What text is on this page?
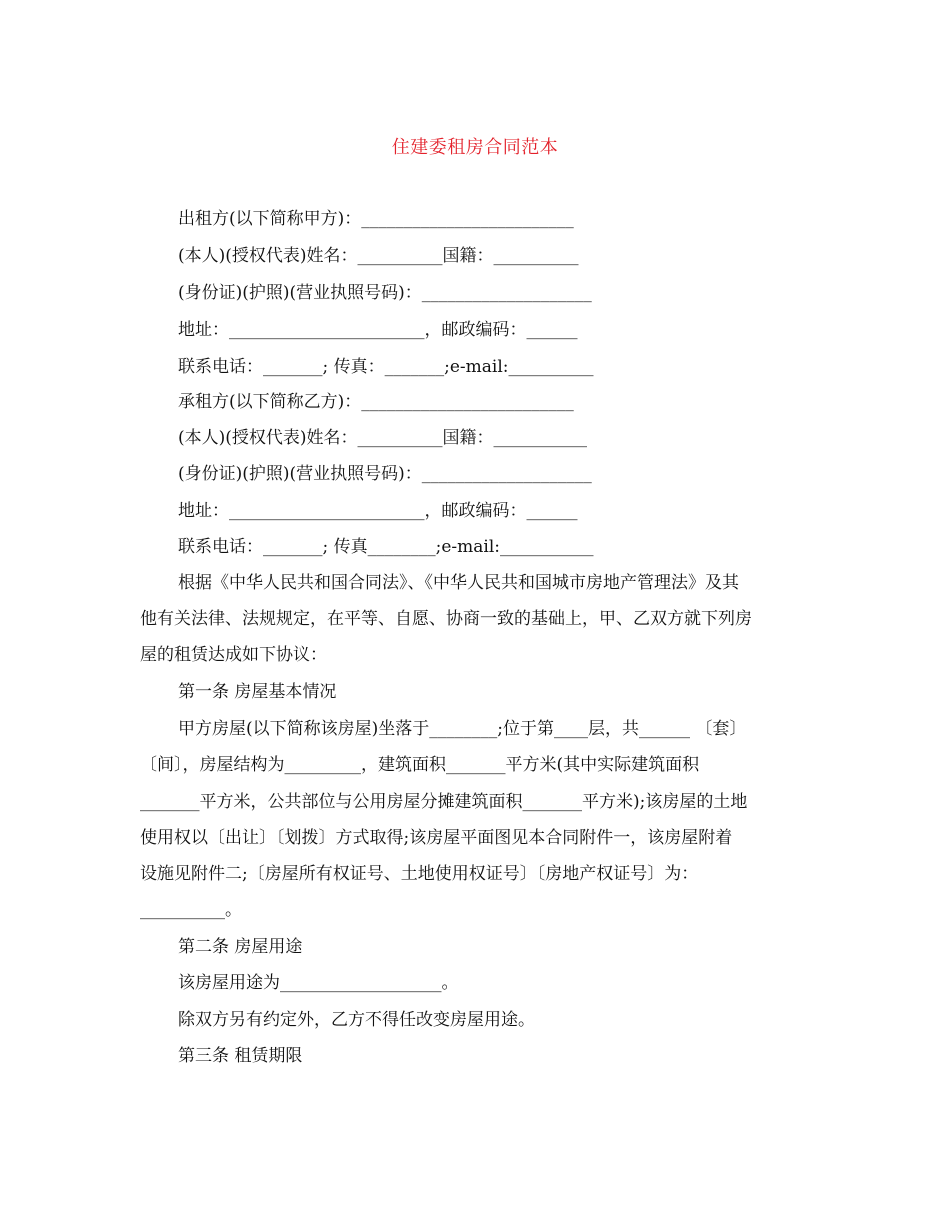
住建委租房合同范本
出租方(以下简称甲方)：_________________________
(本人)(授权代表)姓名：__________国籍：__________
(身份证)(护照)(营业执照号码)：____________________
地址：_______________________，邮政编码：______
联系电话：_______; 传真：_______;e-mail:__________
承租方(以下简称乙方)：_________________________
(本人)(授权代表)姓名：__________国籍：___________
(身份证)(护照)(营业执照号码)：____________________
地址：_______________________，邮政编码：______
联系电话：_______; 传真________;e-mail:___________
根据《中华人民共和国合同法》、《中华人民共和国城市房地产管理法》及其
他有关法律、法规规定，在平等、自愿、协商一致的基础上，甲、乙双方就下列房
屋的租赁达成如下协议：
第一条 房屋基本情况
甲方房屋(以下简称该房屋)坐落于________;位于第____层，共______ 〔套〕
〔间〕，房屋结构为_________，建筑面积_______平方米(其中实际建筑面积
_______平方米，公共部位与公用房屋分摊建筑面积_______平方米);该房屋的土地
使用权以〔出让〕〔划拨〕方式取得;该房屋平面图见本合同附件一，该房屋附着
设施见附件二;〔房屋所有权证号、土地使用权证号〕〔房地产权证号〕为：
__________。
第二条 房屋用途
该房屋用途为___________________。
除双方另有约定外，乙方不得任改变房屋用途。
第三条 租赁期限
